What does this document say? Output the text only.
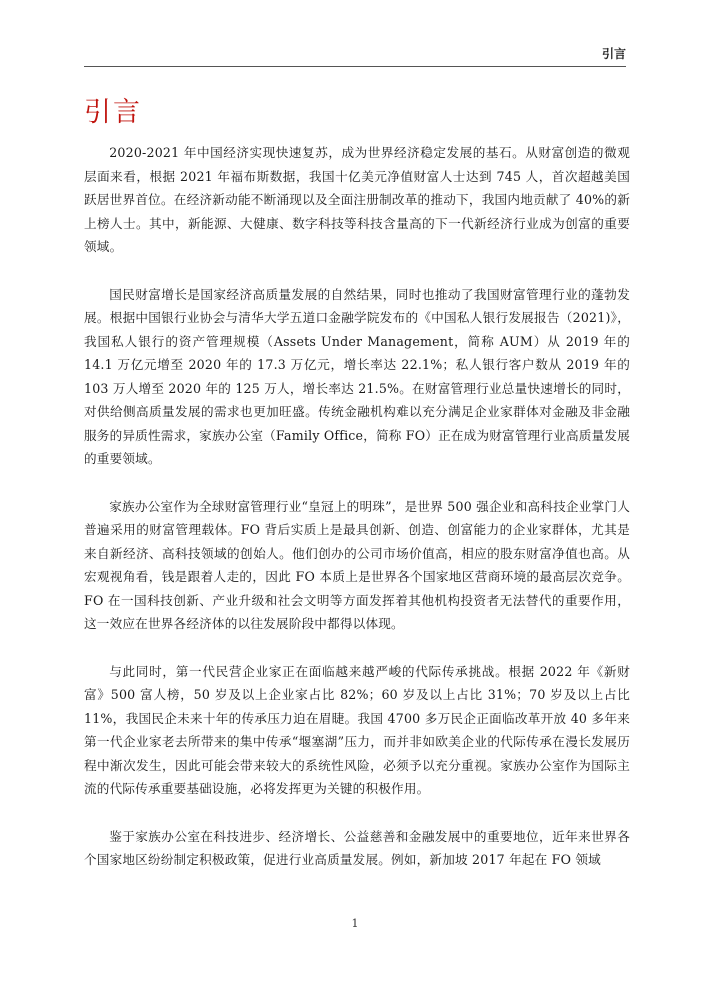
引言
引言

2020-2021 年中国经济实现快速复苏，成为世界经济稳定发展的基石。从财富创造的微观层面来看，根据 2021 年福布斯数据，我国十亿美元净值财富人士达到 745 人，首次超越美国跃居世界首位。在经济新动能不断涌现以及全面注册制改革的推动下，我国内地贡献了 40%的新上榜人士。其中，新能源、大健康、数字科技等科技含量高的下一代新经济行业成为创富的重要领域。

国民财富增长是国家经济高质量发展的自然结果，同时也推动了我国财富管理行业的蓬勃发展。根据中国银行业协会与清华大学五道口金融学院发布的《中国私人银行发展报告（2021)》，我国私人银行的资产管理规模（Assets Under Management，简称 AUM）从 2019 年的 14.1 万亿元增至 2020 年的 17.3 万亿元，增长率达 22.1%；私人银行客户数从 2019 年的 103 万人增至 2020 年的 125 万人，增长率达 21.5%。在财富管理行业总量快速增长的同时，对供给侧高质量发展的需求也更加旺盛。传统金融机构难以充分满足企业家群体对金融及非金融服务的异质性需求，家族办公室（Family Office，简称 FO）正在成为财富管理行业高质量发展的重要领域。

家族办公室作为全球财富管理行业“皇冠上的明珠”，是世界 500 强企业和高科技企业掌门人普遍采用的财富管理载体。FO 背后实质上是最具创新、创造、创富能力的企业家群体，尤其是来自新经济、高科技领域的创始人。他们创办的公司市场价值高，相应的股东财富净值也高。从宏观视角看，钱是跟着人走的，因此 FO 本质上是世界各个国家地区营商环境的最高层次竞争。FO 在一国科技创新、产业升级和社会文明等方面发挥着其他机构投资者无法替代的重要作用，这一效应在世界各经济体的以往发展阶段中都得以体现。

与此同时，第一代民营企业家正在面临越来越严峻的代际传承挑战。根据 2022 年《新财富》500 富人榜，50 岁及以上企业家占比 82%；60 岁及以上占比 31%；70 岁及以上占比 11%，我国民企未来十年的传承压力迫在眉睫。我国 4700 多万民企正面临改革开放 40 多年来第一代企业家老去所带来的集中传承“堰塞湖”压力，而并非如欧美企业的代际传承在漫长发展历程中渐次发生，因此可能会带来较大的系统性风险，必须予以充分重视。家族办公室作为国际主流的代际传承重要基础设施，必将发挥更为关键的积极作用。

鉴于家族办公室在科技进步、经济增长、公益慈善和金融发展中的重要地位，近年来世界各个国家地区纷纷制定积极政策，促进行业高质量发展。例如，新加坡 2017 年起在 FO 领域

1
